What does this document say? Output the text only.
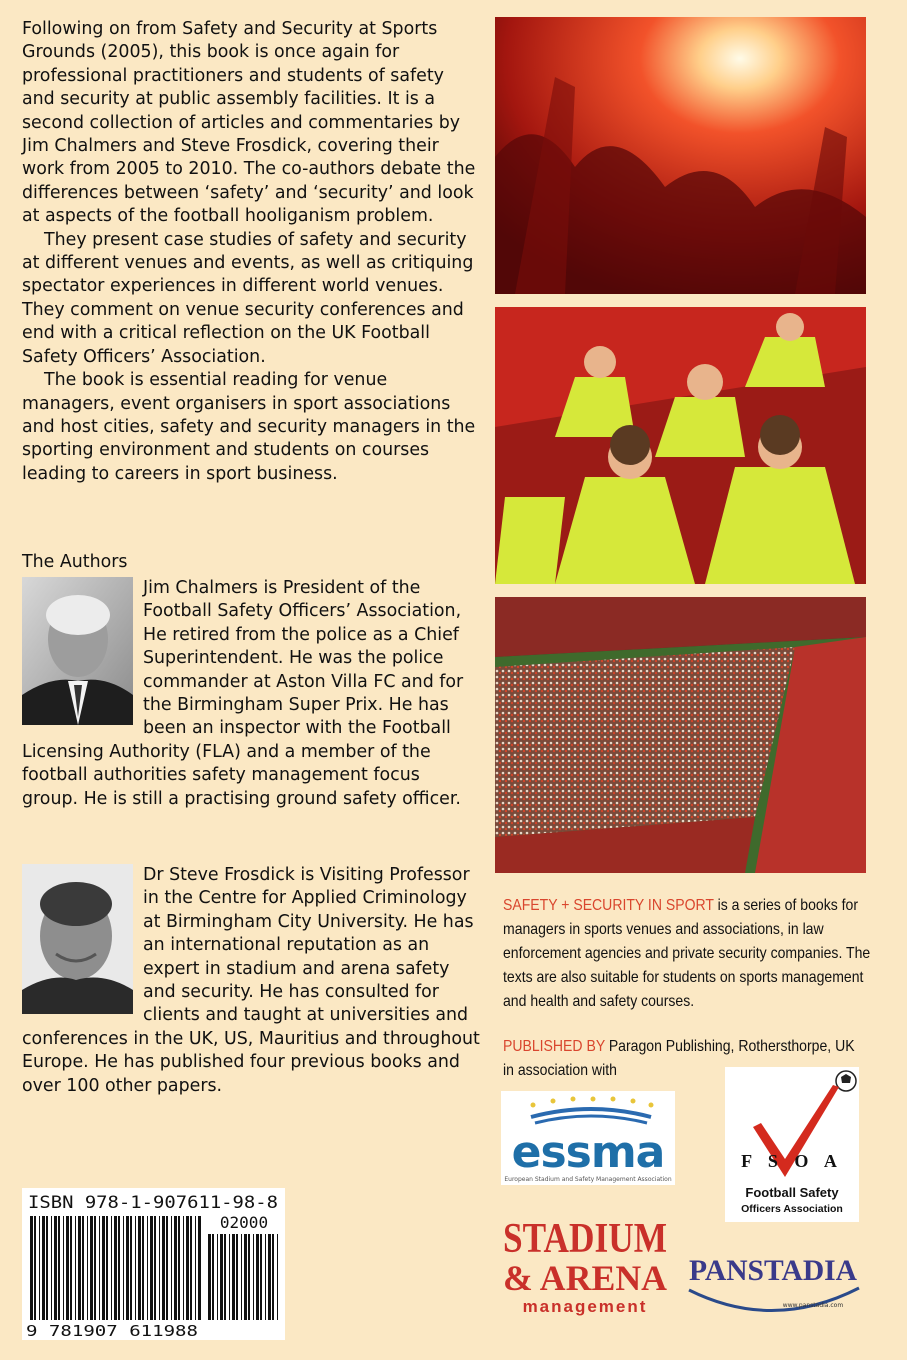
Following on from Safety and Security at Sports Grounds (2005), this book is once again for professional practitioners and students of safety and security at public assembly facilities. It is a second collection of articles and commentaries by Jim Chalmers and Steve Frosdick, covering their work from 2005 to 2010. The co-authors debate the differences between ‘safety’ and ‘security’ and look at aspects of the football hooliganism problem.

They present case studies of safety and security at different venues and events, as well as critiquing spectator experiences in different world venues. They comment on venue security conferences and end with a critical reflection on the UK Football Safety Officers’ Association.

The book is essential reading for venue managers, event organisers in sport associations and host cities, safety and security managers in the sporting environment and students on courses leading to careers in sport business.

The Authors
Jim Chalmers is President of the Football Safety Officers’ Association, He retired from the police as a Chief Superintendent. He was the police commander at Aston Villa FC and for the Birmingham Super Prix. He has been an inspector with the Football Licensing Authority (FLA) and a member of the football authorities safety management focus group. He is still a practising ground safety officer.
Dr Steve Frosdick is Visiting Professor in the Centre for Applied Criminology at Birmingham City University. He has an international reputation as an expert in stadium and arena safety and security. He has consulted for clients and taught at universities and conferences in the UK, US, Mauritius and throughout Europe. He has published four previous books and over 100 other papers.
SAFETY + SECURITY IN SPORT is a series of books for managers in sports venues and associations, in law enforcement agencies and private security companies. The texts are also suitable for students on sports management and health and safety courses.
PUBLISHED BY Paragon Publishing, Rothersthorpe, UK
in association with
essma
European Stadium and Safety Management Association
F S O A
Football Safety
Officers Association
STADIUM
& ARENA
management
PANSTADIA
www.panstadia.com
ISBN 978-1-907611-98-8
02000
9 781907 611988
